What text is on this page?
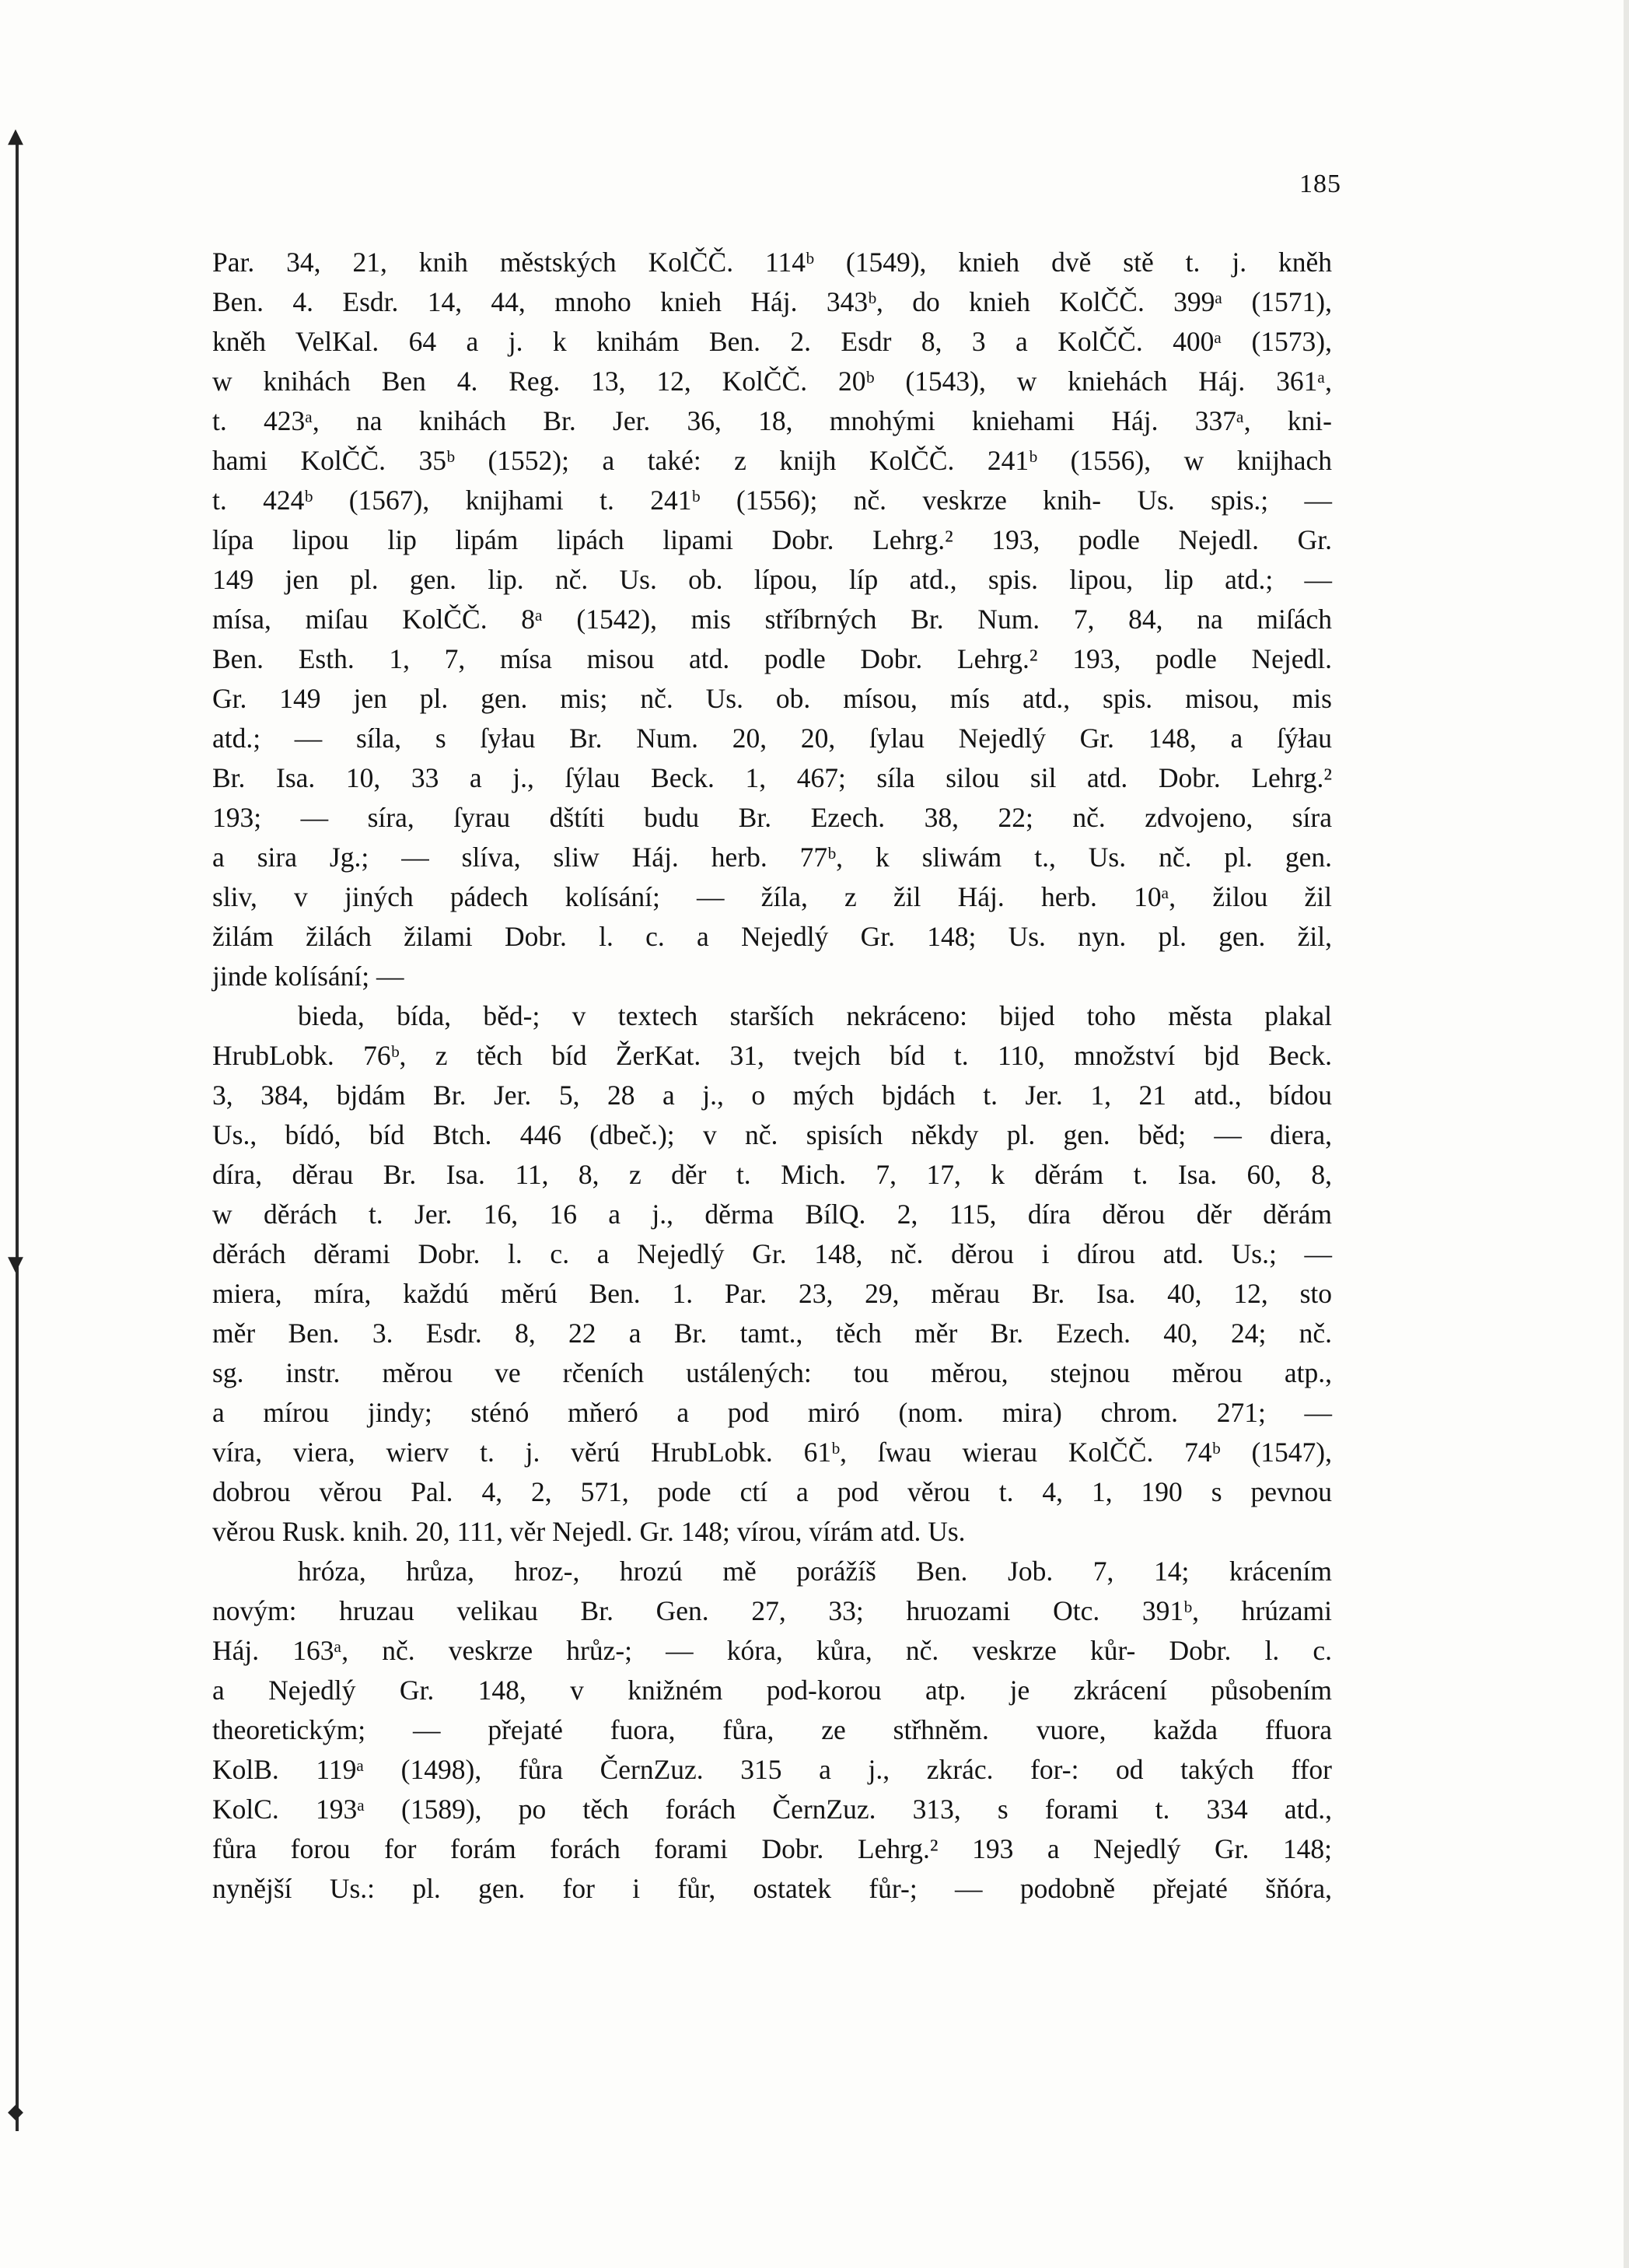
▲
▼
◆
185
Par. 34, 21, knih městských KolČČ. 114ᵇ (1549), knieh dvě stě t. j. kněh
Ben. 4. Esdr. 14, 44, mnoho knieh Háj. 343ᵇ, do knieh KolČČ. 399ᵃ (1571),
kněh VelKal. 64 a j. k knihám Ben. 2. Esdr 8, 3 a KolČČ. 400ᵃ (1573),
w knihách Ben 4. Reg. 13, 12, KolČČ. 20ᵇ (1543), w kniehách Háj. 361ᵃ,
t. 423ᵃ, na knihách Br. Jer. 36, 18, mnohými kniehami Háj. 337ᵃ, kni-
hami KolČČ. 35ᵇ (1552); a také: z knijh KolČČ. 241ᵇ (1556), w knijhach
t. 424ᵇ (1567), knijhami t. 241ᵇ (1556); nč. veskrze knih- Us. spis.; —
lípa lipou lip lipám lipách lipami Dobr. Lehrg.² 193, podle Nejedl. Gr.
149 jen pl. gen. lip. nč. Us. ob. lípou, líp atd., spis. lipou, lip atd.; —
mísa, miſau KolČČ. 8ᵃ (1542), mis stříbrných Br. Num. 7, 84, na miſách
Ben. Esth. 1, 7, mísa misou atd. podle Dobr. Lehrg.² 193, podle Nejedl.
Gr. 149 jen pl. gen. mis; nč. Us. ob. mísou, mís atd., spis. misou, mis
atd.; — síla, s ſyłau Br. Num. 20, 20, ſylau Nejedlý Gr. 148, a ſýłau
Br. Isa. 10, 33 a j., ſýlau Beck. 1, 467; síla silou sil atd. Dobr. Lehrg.²
193; — síra, ſyrau dštíti budu Br. Ezech. 38, 22; nč. zdvojeno, síra
a sira Jg.; — slíva, sliw Háj. herb. 77ᵇ, k sliwám t., Us. nč. pl. gen.
sliv, v jiných pádech kolísání; — žíla, z žil Háj. herb. 10ᵃ, žilou žil
žilám žilách žilami Dobr. l. c. a Nejedlý Gr. 148; Us. nyn. pl. gen. žil,
jinde kolísání; —
bieda, bída, běd-; v textech starších nekráceno: bijed toho města plakal
HrubLobk. 76ᵇ, z těch bíd ŽerKat. 31, tvejch bíd t. 110, množství bjd Beck.
3, 384, bjdám Br. Jer. 5, 28 a j., o mých bjdách t. Jer. 1, 21 atd., bídou
Us., bídó, bíd Btch. 446 (dbeč.); v nč. spisích někdy pl. gen. běd; — diera,
díra, děrau Br. Isa. 11, 8, z děr t. Mich. 7, 17, k děrám t. Isa. 60, 8,
w děrách t. Jer. 16, 16 a j., děrma BílQ. 2, 115, díra děrou děr děrám
děrách děrami Dobr. l. c. a Nejedlý Gr. 148, nč. děrou i dírou atd. Us.; —
miera, míra, každú měrú Ben. 1. Par. 23, 29, měrau Br. Isa. 40, 12, sto
měr Ben. 3. Esdr. 8, 22 a Br. tamt., těch měr Br. Ezech. 40, 24; nč.
sg. instr. měrou ve rčeních ustálených: tou měrou, stejnou měrou atp.,
a mírou jindy; sténó mňeró a pod miró (nom. mira) chrom. 271; —
víra, viera, wierv t. j. věrú HrubLobk. 61ᵇ, ſwau wierau KolČČ. 74ᵇ (1547),
dobrou věrou Pal. 4, 2, 571, pode ctí a pod věrou t. 4, 1, 190 s pevnou
věrou Rusk. knih. 20, 111, věr Nejedl. Gr. 148; vírou, vírám atd. Us.
hróza, hrůza, hroz-, hrozú mě porážíš Ben. Job. 7, 14; krácením
novým: hruzau velikau Br. Gen. 27, 33; hruozami Otc. 391ᵇ, hrúzami
Háj. 163ᵃ, nč. veskrze hrůz-; — kóra, kůra, nč. veskrze kůr- Dobr. l. c.
a Nejedlý Gr. 148, v knižném pod-korou atp. je zkrácení působením
theoretickým; — přejaté fuora, fůra, ze střhněm. vuore, každa ffuora
KolB. 119ᵃ (1498), fůra ČernZuz. 315 a j., zkrác. for-: od takých ffor
KolC. 193ᵃ (1589), po těch forách ČernZuz. 313, s forami t. 334 atd.,
fůra forou for forám forách forami Dobr. Lehrg.² 193 a Nejedlý Gr. 148;
nynější Us.: pl. gen. for i fůr, ostatek fůr-; — podobně přejaté šňóra,
